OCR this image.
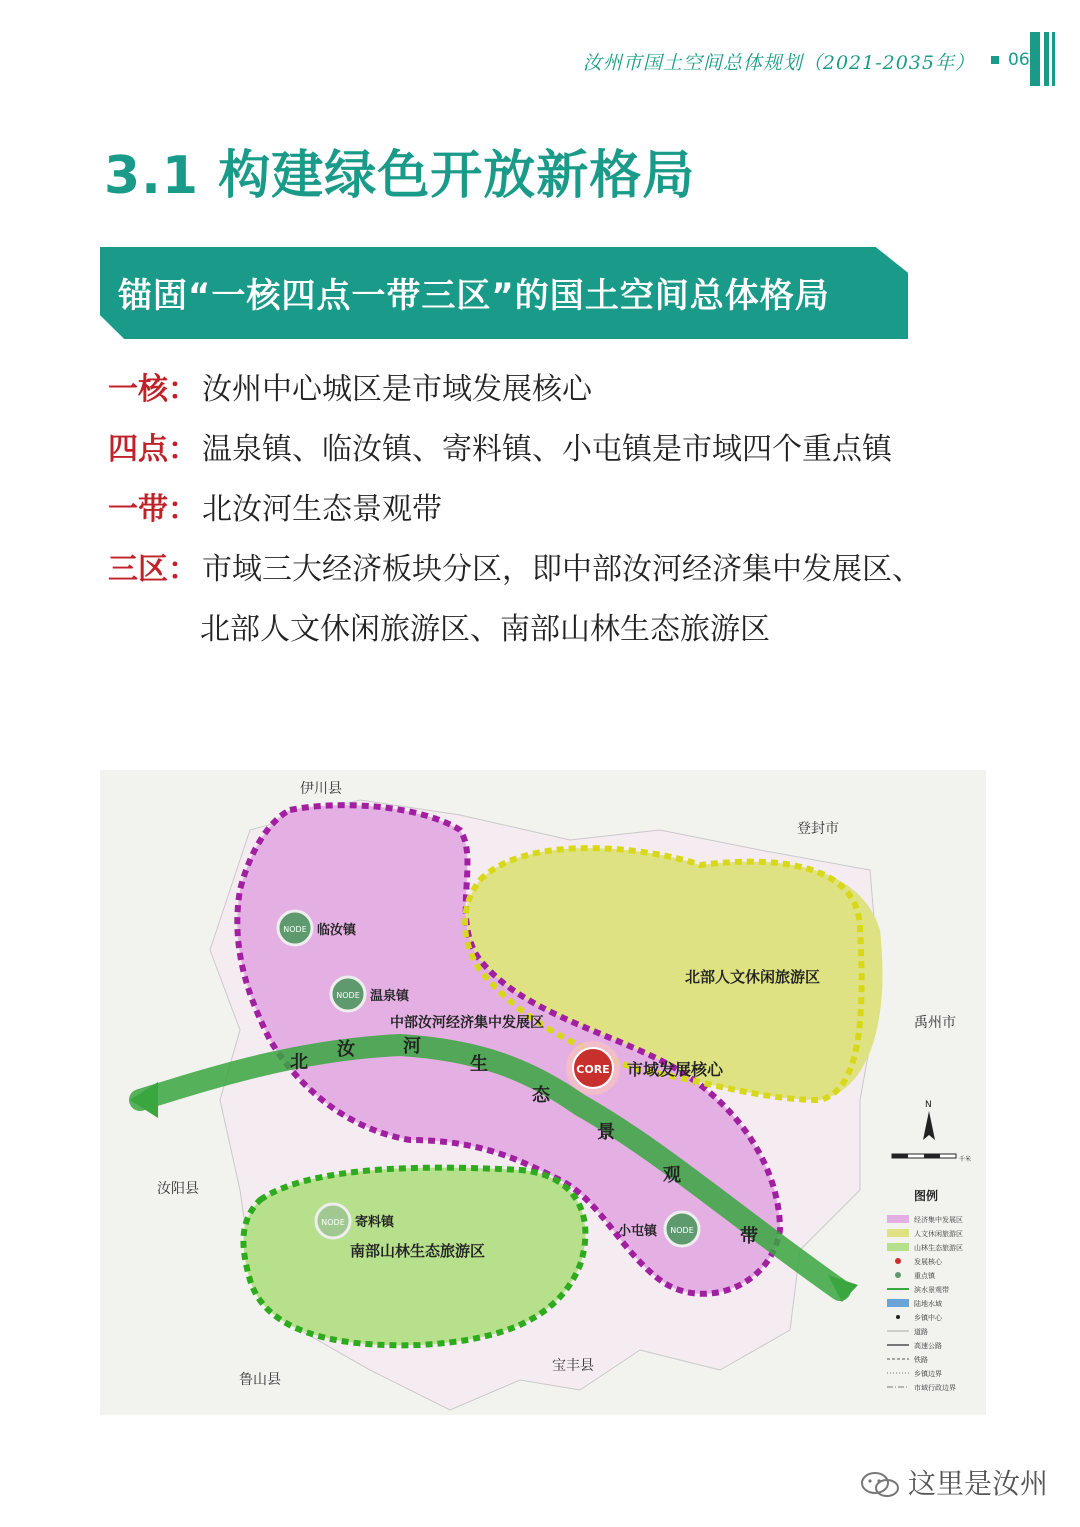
汝州市国土空间总体规划（2021-2035年） 06
3.1 构建绿色开放新格局
锚固“一核四点一带三区”的国土空间总体格局
一核： 汝州中心城区是市域发展核心
四点： 温泉镇、临汝镇、寄料镇、小屯镇是市域四个重点镇
一带： 北汝河生态景观带
三区： 市域三大经济板块分区，即中部汝河经济集中发展区、
北部人文休闲旅游区、南部山林生态旅游区
北
汝	河
生
态
景
观
带
中部汝河经济集中发展区
北部人文休闲旅游区
南部山林生态旅游区
NODE 临汝镇
NODE 温泉镇
NODE 寄料镇
NODE
小屯镇
CORE 市域发展核心
伊川县
登封市
禹州市
汝阳县
鲁山县
宝丰县
N
千米
图例
经济集中发展区
人文休闲旅游区
山林生态旅游区
发展核心
重点镇
滨水景观带
陆地水域
乡镇中心
道路
高速公路
铁路
乡镇边界
市域行政边界
这里是汝州
